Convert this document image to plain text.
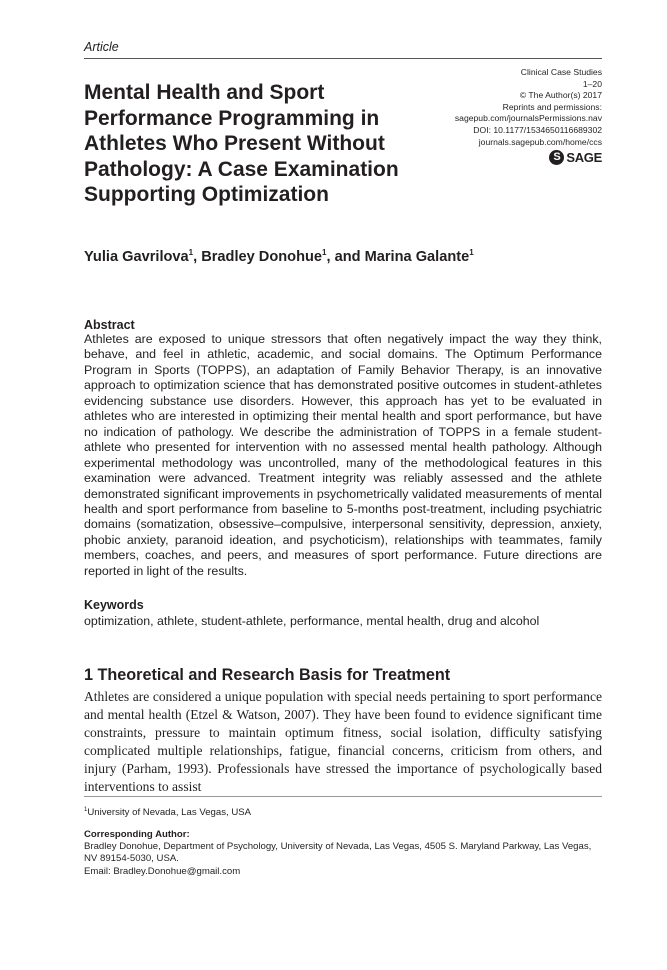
Article
Mental Health and Sport Performance Programming in Athletes Who Present Without Pathology: A Case Examination Supporting Optimization
Clinical Case Studies
1–20
© The Author(s) 2017
Reprints and permissions:
sagepub.com/journalsPermissions.nav
DOI: 10.1177/1534650116689302
journals.sagepub.com/home/ccs
S SAGE
Yulia Gavrilova$^1$, Bradley Donohue$^1$, and Marina Galante$^1$
Abstract

Athletes are exposed to unique stressors that often negatively impact the way they think, behave, and feel in athletic, academic, and social domains. The Optimum Performance Program in Sports (TOPPS), an adaptation of Family Behavior Therapy, is an innovative approach to optimization science that has demonstrated positive outcomes in student-athletes evidencing substance use disorders. However, this approach has yet to be evaluated in athletes who are interested in optimizing their mental health and sport performance, but have no indication of pathology. We describe the administration of TOPPS in a female student-athlete who presented for intervention with no assessed mental health pathology. Although experimental methodology was uncontrolled, many of the methodological features in this examination were advanced. Treatment integrity was reliably assessed and the athlete demonstrated significant improvements in psychometrically validated measurements of mental health and sport performance from baseline to 5-months post-treatment, including psychiatric domains (somatization, obsessive–compulsive, interpersonal sensitivity, depression, anxiety, phobic anxiety, paranoid ideation, and psychoticism), relationships with teammates, family members, coaches, and peers, and measures of sport performance. Future directions are reported in light of the results.

Keywords
optimization, athlete, student-athlete, performance, mental health, drug and alcohol
1 Theoretical and Research Basis for Treatment

Athletes are considered a unique population with special needs pertaining to sport performance and mental health (Etzel & Watson, 2007). They have been found to evidence significant time constraints, pressure to maintain optimum fitness, social isolation, difficulty satisfying complicated multiple relationships, fatigue, financial concerns, criticism from others, and injury (Parham, 1993). Professionals have stressed the importance of psychologically based interventions to assist

$^1$University of Nevada, Las Vegas, USA
Corresponding Author:
Bradley Donohue, Department of Psychology, University of Nevada, Las Vegas, 4505 S. Maryland Parkway, Las Vegas, NV 89154-5030, USA.
Email: Bradley.Donohue@gmail.com
